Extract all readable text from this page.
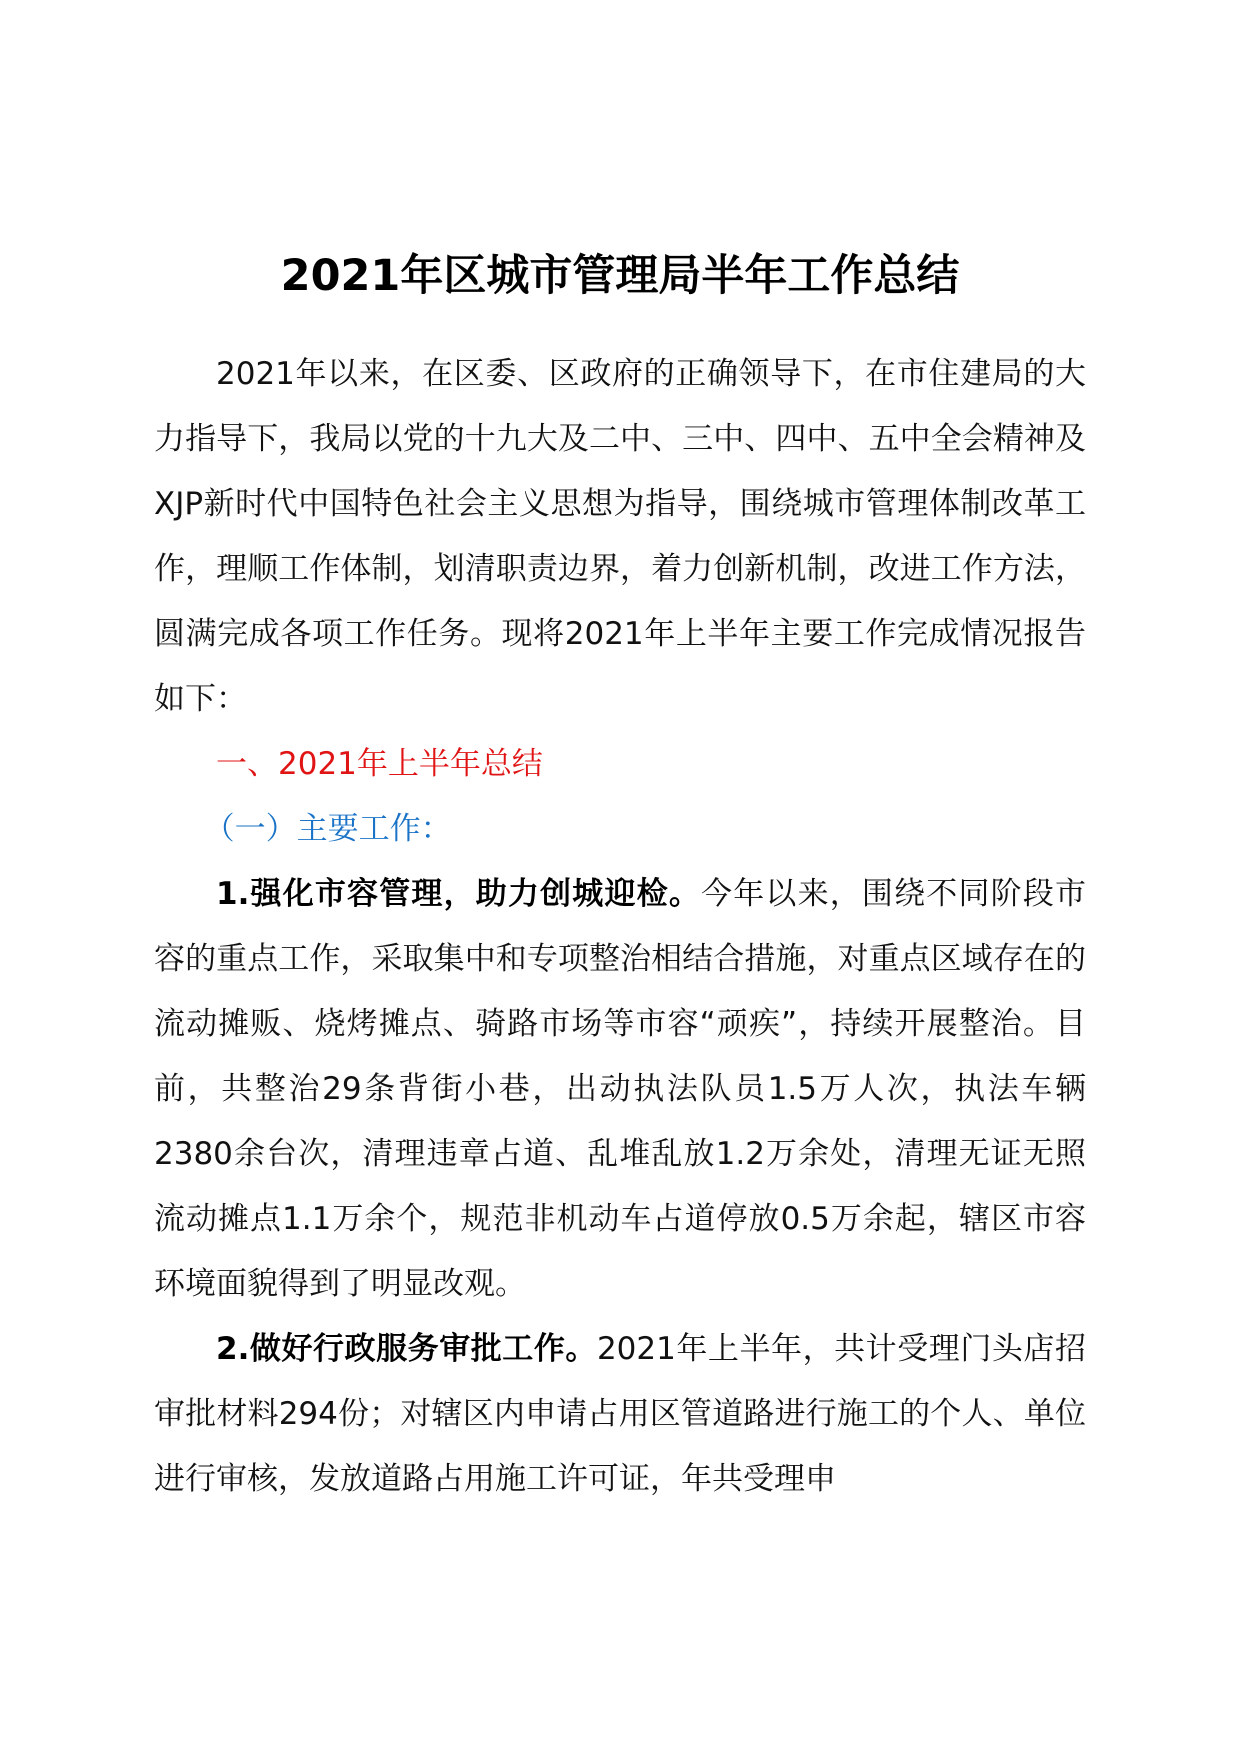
2021年区城市管理局半年工作总结

2021年以来，在区委、区政府的正确领导下，在市住建局的大力指导下，我局以党的十九大及二中、三中、四中、五中全会精神及XJP新时代中国特色社会主义思想为指导，围绕城市管理体制改革工作，理顺工作体制，划清职责边界，着力创新机制，改进工作方法，圆满完成各项工作任务。现将2021年上半年主要工作完成情况报告如下：

一、2021年上半年总结

（一）主要工作：

1.强化市容管理，助力创城迎检。今年以来，围绕不同阶段市容的重点工作，采取集中和专项整治相结合措施，对重点区域存在的流动摊贩、烧烤摊点、骑路市场等市容“顽疾”，持续开展整治。目前，共整治29条背街小巷，出动执法队员1.5万人次，执法车辆2380余台次，清理违章占道、乱堆乱放1.2万余处，清理无证无照流动摊点1.1万余个，规范非机动车占道停放0.5万余起，辖区市容环境面貌得到了明显改观。

2.做好行政服务审批工作。2021年上半年，共计受理门头店招审批材料294份；对辖区内申请占用区管道路进行施工的个人、单位进行审核，发放道路占用施工许可证，年共受理申
